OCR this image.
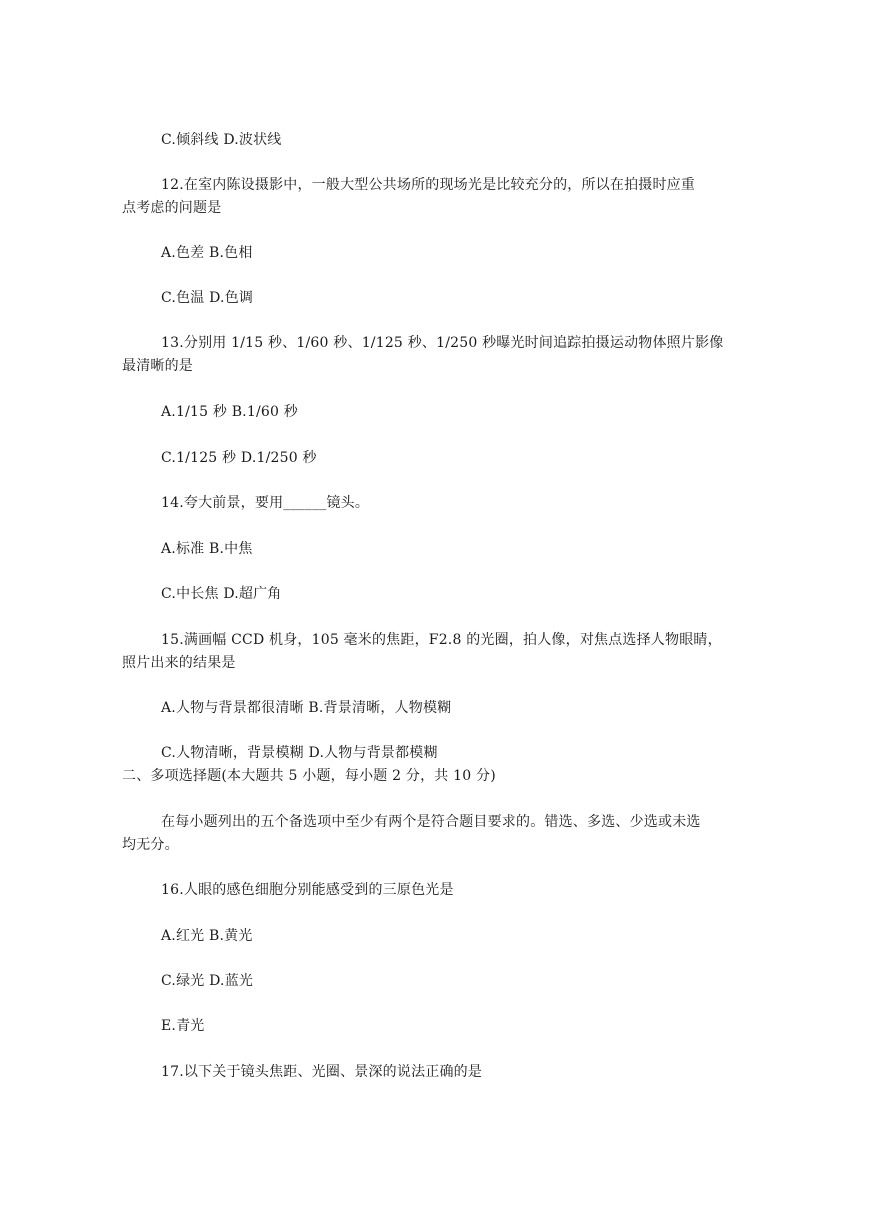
C.倾斜线 D.波状线
12.在室内陈设摄影中，一般大型公共场所的现场光是比较充分的，所以在拍摄时应重
点考虑的问题是
A.色差 B.色相
C.色温 D.色调
13.分别用 1/15 秒、1/60 秒、1/125 秒、1/250 秒曝光时间追踪拍摄运动物体照片影像
最清晰的是
A.1/15 秒 B.1/60 秒
C.1/125 秒 D.1/250 秒
14.夸大前景，要用______镜头。
A.标准 B.中焦
C.中长焦 D.超广角
15.满画幅 CCD 机身，105 毫米的焦距，F2.8 的光圈，拍人像，对焦点选择人物眼睛，
照片出来的结果是
A.人物与背景都很清晰 B.背景清晰，人物模糊
C.人物清晰，背景模糊 D.人物与背景都模糊
二、多项选择题(本大题共 5 小题，每小题 2 分，共 10 分)
在每小题列出的五个备选项中至少有两个是符合题目要求的。错选、多选、少选或未选
均无分。
16.人眼的感色细胞分别能感受到的三原色光是
A.红光 B.黄光
C.绿光 D.蓝光
E.青光
17.以下关于镜头焦距、光圈、景深的说法正确的是
